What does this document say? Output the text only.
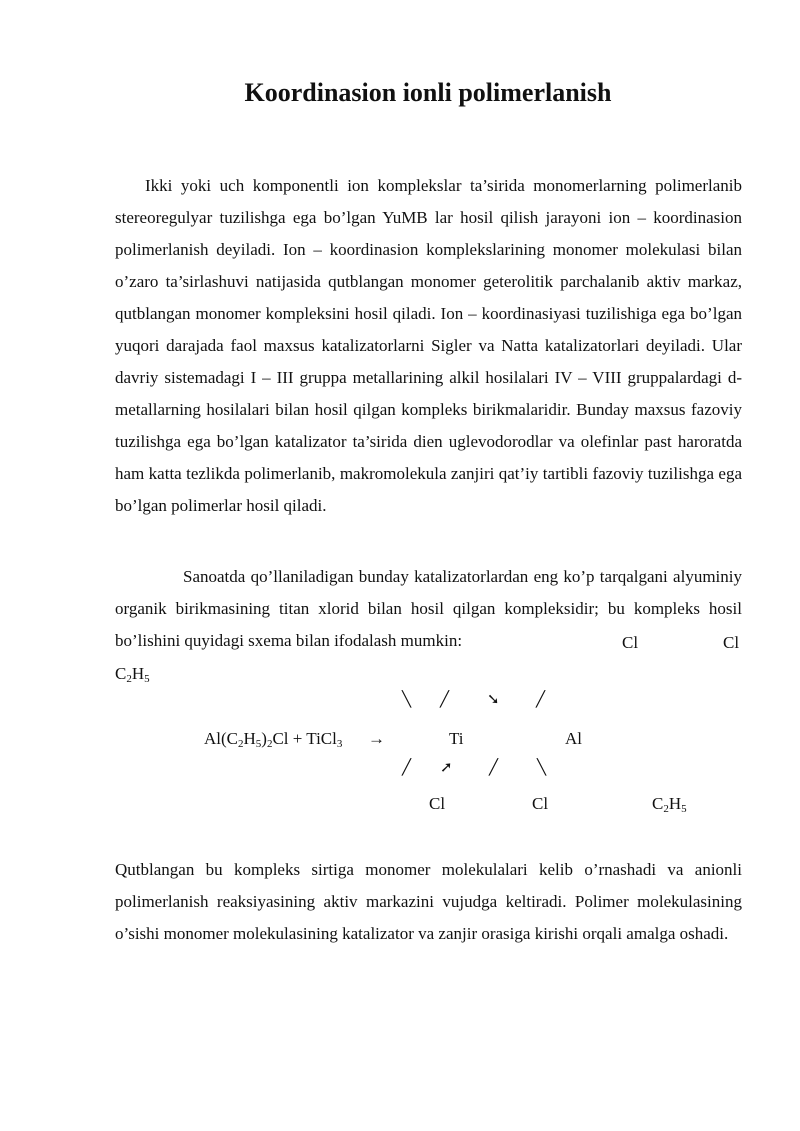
Koordinasion ionli polimerlanish

Ikki yoki uch komponentli ion komplekslar ta’sirida monomerlarning polimerlanib stereoregulyar tuzilishga ega bo’lgan YuMB lar hosil qilish jarayoni ion – koordinasion polimerlanish deyiladi. Ion – koordinasion komplekslarining monomer molekulasi bilan o’zaro ta’sirlashuvi natijasida qutblangan monomer geterolitik parchalanib aktiv markaz, qutblangan monomer kompleksini hosil qiladi. Ion – koordinasiyasi tuzilishiga ega bo’lgan yuqori darajada faol maxsus katalizatorlarni Sigler va Natta katalizatorlari deyiladi. Ular davriy sistemadagi I – III gruppa metallarining alkil hosilalari IV – VIII gruppalardagi d-metallarning hosilalari bilan hosil qilgan kompleks birikmalaridir. Bunday maxsus fazoviy tuzilishga ega bo’lgan katalizator ta’sirida dien uglevodorodlar va olefinlar past haroratda ham katta tezlikda polimerlanib, makromolekula zanjiri qat’iy tartibli fazoviy tuzilishga ega bo’lgan polimerlar hosil qiladi.

Sanoatda qo’llaniladigan bunday katalizatorlardan eng ko’p tarqalgani alyuminiy organik birikmasining titan xlorid bilan hosil qilgan kompleksidir; bu kompleks hosil bo’lishini quyidagi sxema bilan ifodalash mumkin:	Cl
$C_2H_5$
╲ ╱	➘ ╱
$Al(C_2H_5)_2Cl$ + TiCl$_3$ →	Ti	Al
╱ ➚ ╱	╲
Cl	Cl	$C_2H_5$

Qutblangan bu kompleks sirtiga monomer molekulalari kelib o’rnashadi va anionli polimerlanish reaksiyasining aktiv markazini vujudga keltiradi. Polimer molekulasining o’sishi monomer molekulasining katalizator va zanjir orasiga kirishi orqali amalga oshadi.

Cl
